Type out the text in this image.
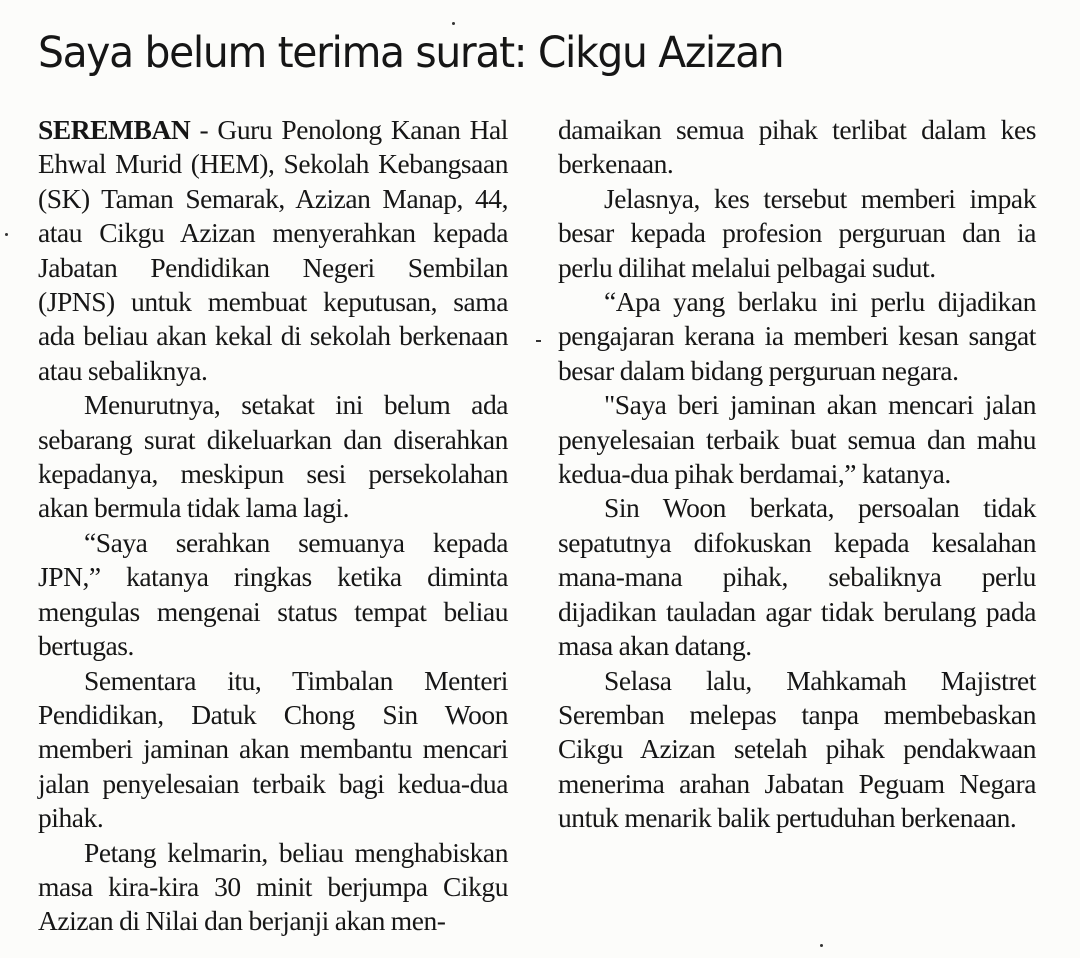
Saya belum terima surat: Cikgu Azizan

SEREMBAN - Guru Penolong Kanan Hal Ehwal Murid (HEM), Sekolah Kebangsaan (SK) Taman Semarak, Azizan Manap, 44, atau Cikgu Azizan menyerahkan kepada Jabatan Pendidikan Negeri Sembilan (JPNS) untuk membuat keputusan, sama ada beliau akan kekal di sekolah berkenaan atau sebaliknya.

Menurutnya, setakat ini belum ada sebarang surat dikeluarkan dan diserahkan kepadanya, meskipun sesi persekolahan akan bermula tidak lama lagi.

“Saya serahkan semuanya kepada JPN,” katanya ringkas ketika diminta mengulas mengenai status tempat beliau bertugas.

Sementara itu, Timbalan Menteri Pendidikan, Datuk Chong Sin Woon memberi jaminan akan membantu mencari jalan penyelesaian terbaik bagi kedua-dua pihak.

Petang kelmarin, beliau menghabiskan masa kira-kira 30 minit berjumpa Cikgu Azizan di Nilai dan berjanji akan men-

damaikan semua pihak terlibat dalam kes berkenaan.

Jelasnya, kes tersebut memberi impak besar kepada profesion perguruan dan ia perlu dilihat melalui pelbagai sudut.

“Apa yang berlaku ini perlu dijadikan pengajaran kerana ia memberi kesan sangat besar dalam bidang perguruan negara.

"Saya beri jaminan akan mencari jalan penyelesaian terbaik buat semua dan mahu kedua-dua pihak berdamai,” katanya.

Sin Woon berkata, persoalan tidak sepatutnya difokuskan kepada kesalahan mana-mana pihak, sebaliknya perlu dijadikan tauladan agar tidak berulang pada masa akan datang.

Selasa lalu, Mahkamah Majistret Seremban melepas tanpa membebaskan Cikgu Azizan setelah pihak pendakwaan menerima arahan Jabatan Peguam Negara untuk menarik balik pertuduhan berkenaan.
